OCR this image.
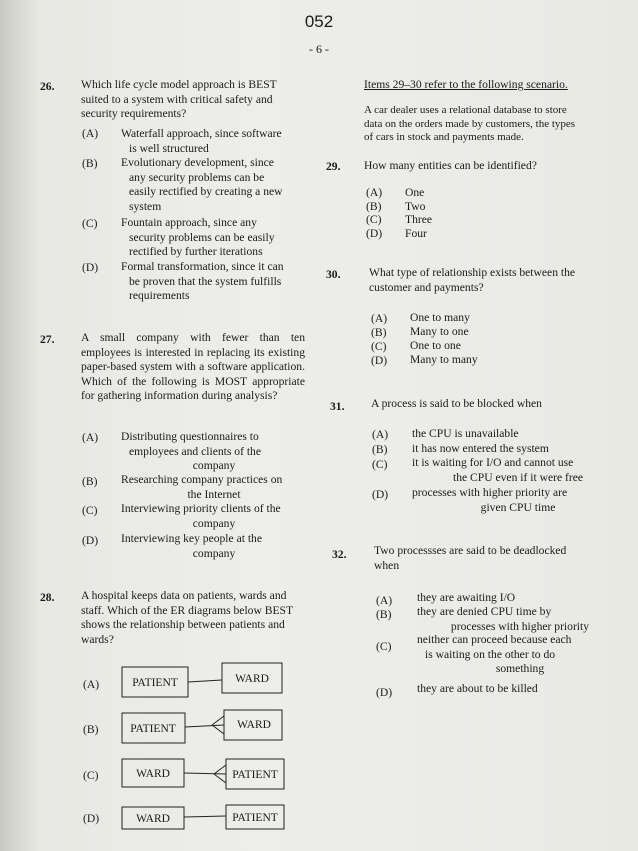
052
- 6 -
26. Which life cycle model approach is BEST suited to a system with critical safety and security requirements?
(A) Waterfall approach, since software
is well structured
(B) Evolutionary development, since
any security problems can be
easily rectified by creating a new
system
(C) Fountain approach, since any
security problems can be easily
rectified by further iterations
(D) Formal transformation, since it can
be proven that the system fulfills
requirements
27. A small company with fewer than ten employees is interested in replacing its existing paper-based system with a software application. Which of the following is MOST appropriate for gathering information during analysis?
(A) Distributing questionnaires to
employees and clients of the
company
(B) Researching company practices on
the Internet
(C) Interviewing priority clients of the
company
(D) Interviewing key people at the
company
28. A hospital keeps data on patients, wards and staff. Which of the ER diagrams below BEST shows the relationship between patients and wards?
(A)
(B)
(C)
(D)
PATIENT	WARD
PATIENT	WARD
WARD	PATIENT
WARD	PATIENT
Items 29–30 refer to the following scenario.
A car dealer uses a relational database to store data on the orders made by customers, the types of cars in stock and payments made.
29. How many entities can be identified?
(A) One
(B) Two
(C) Three
(D) Four
30. What type of relationship exists between the customer and payments?
(A) One to many
(B) Many to one
(C) One to one
(D) Many to many
31. A process is said to be blocked when
(A) the CPU is unavailable
(B) it has now entered the system
(C) it is waiting for I/O and cannot use
the CPU even if it were free
(D) processes with higher priority are
given CPU time
32. Two processses are said to be deadlocked
when
(A) they are awaiting I/O
(B) they are denied CPU time by
processes with higher priority
(C)
neither can proceed because each
is waiting on the other to do
something
(D) they are about to be killed
